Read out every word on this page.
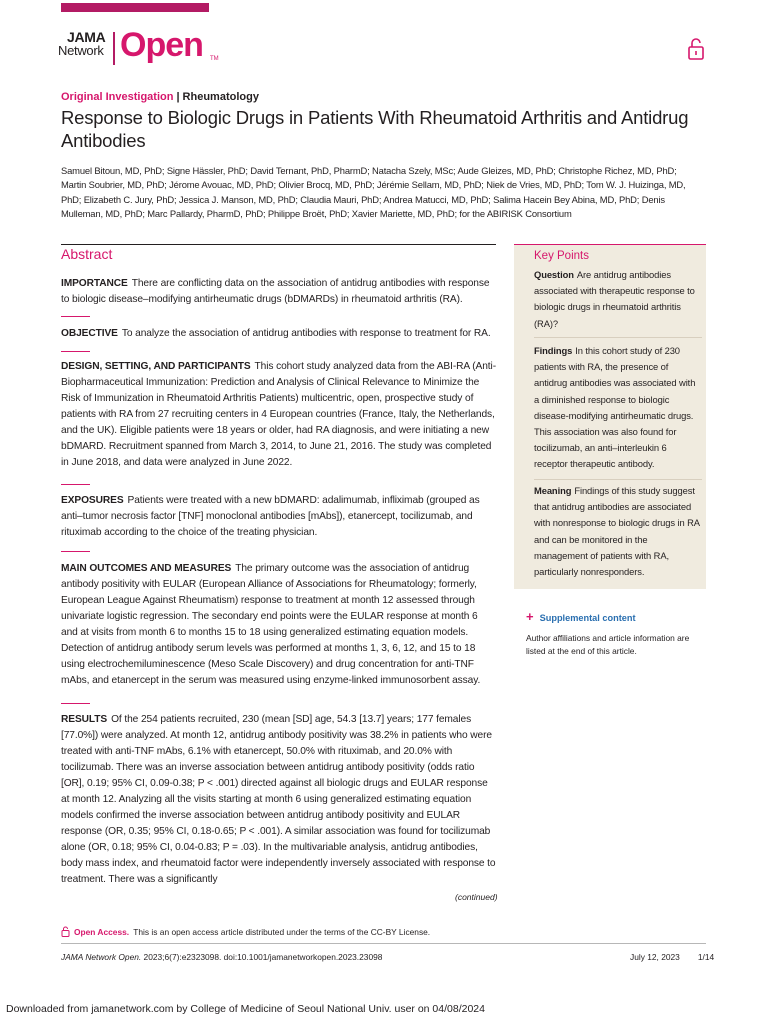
JAMA
Network Open TM
Original Investigation | Rheumatology
Response to Biologic Drugs in Patients With Rheumatoid Arthritis and Antidrug Antibodies
Samuel Bitoun, MD, PhD; Signe Hässler, PhD; David Ternant, PhD, PharmD; Natacha Szely, MSc; Aude Gleizes, MD, PhD; Christophe Richez, MD, PhD; Martin Soubrier, MD, PhD; Jérome Avouac, MD, PhD; Olivier Brocq, MD, PhD; Jérémie Sellam, MD, PhD; Niek de Vries, MD, PhD; Tom W. J. Huizinga, MD, PhD; Elizabeth C. Jury, PhD; Jessica J. Manson, MD, PhD; Claudia Mauri, PhD; Andrea Matucci, MD, PhD; Salima Hacein Bey Abina, MD, PhD; Denis Mulleman, MD, PhD; Marc Pallardy, PharmD, PhD; Philippe Broët, PhD; Xavier Mariette, MD, PhD; for the ABIRISK Consortium
Abstract
IMPORTANCE There are conflicting data on the association of antidrug antibodies with response to biologic disease–modifying antirheumatic drugs (bDMARDs) in rheumatoid arthritis (RA).
OBJECTIVE To analyze the association of antidrug antibodies with response to treatment for RA.
DESIGN, SETTING, AND PARTICIPANTS This cohort study analyzed data from the ABI-RA (Anti-Biopharmaceutical Immunization: Prediction and Analysis of Clinical Relevance to Minimize the Risk of Immunization in Rheumatoid Arthritis Patients) multicentric, open, prospective study of patients with RA from 27 recruiting centers in 4 European countries (France, Italy, the Netherlands, and the UK). Eligible patients were 18 years or older, had RA diagnosis, and were initiating a new bDMARD. Recruitment spanned from March 3, 2014, to June 21, 2016. The study was completed in June 2018, and data were analyzed in June 2022.
EXPOSURES Patients were treated with a new bDMARD: adalimumab, infliximab (grouped as anti–tumor necrosis factor [TNF] monoclonal antibodies [mAbs]), etanercept, tocilizumab, and rituximab according to the choice of the treating physician.
MAIN OUTCOMES AND MEASURES The primary outcome was the association of antidrug antibody positivity with EULAR (European Alliance of Associations for Rheumatology; formerly, European League Against Rheumatism) response to treatment at month 12 assessed through univariate logistic regression. The secondary end points were the EULAR response at month 6 and at visits from month 6 to months 15 to 18 using generalized estimating equation models. Detection of antidrug antibody serum levels was performed at months 1, 3, 6, 12, and 15 to 18 using electrochemiluminescence (Meso Scale Discovery) and drug concentration for anti-TNF mAbs, and etanercept in the serum was measured using enzyme-linked immunosorbent assay.
RESULTS Of the 254 patients recruited, 230 (mean [SD] age, 54.3 [13.7] years; 177 females [77.0%]) were analyzed. At month 12, antidrug antibody positivity was 38.2% in patients who were treated with anti-TNF mAbs, 6.1% with etanercept, 50.0% with rituximab, and 20.0% with tocilizumab. There was an inverse association between antidrug antibody positivity (odds ratio [OR], 0.19; 95% CI, 0.09-0.38; P < .001) directed against all biologic drugs and EULAR response at month 12. Analyzing all the visits starting at month 6 using generalized estimating equation models confirmed the inverse association between antidrug antibody positivity and EULAR response (OR, 0.35; 95% CI, 0.18-0.65; P < .001). A similar association was found for tocilizumab alone (OR, 0.18; 95% CI, 0.04-0.83; P = .03). In the multivariable analysis, antidrug antibodies, body mass index, and rheumatoid factor were independently inversely associated with response to treatment. There was a significantly
(continued)
Key Points
Question Are antidrug antibodies associated with therapeutic response to biologic drugs in rheumatoid arthritis (RA)?
Findings In this cohort study of 230 patients with RA, the presence of antidrug antibodies was associated with a diminished response to biologic disease-modifying antirheumatic drugs. This association was also found for tocilizumab, an anti–interleukin 6 receptor therapeutic antibody.
Meaning Findings of this study suggest that antidrug antibodies are associated with nonresponse to biologic drugs in RA and can be monitored in the management of patients with RA, particularly nonresponders.
+ Supplemental content
Author affiliations and article information are listed at the end of this article.
Open Access. This is an open access article distributed under the terms of the CC-BY License.
JAMA Network Open. 2023;6(7):e2323098. doi:10.1001/jamanetworkopen.2023.23098	July 12, 2023 1/14
Downloaded from jamanetwork.com by College of Medicine of Seoul National Univ. user on 04/08/2024
